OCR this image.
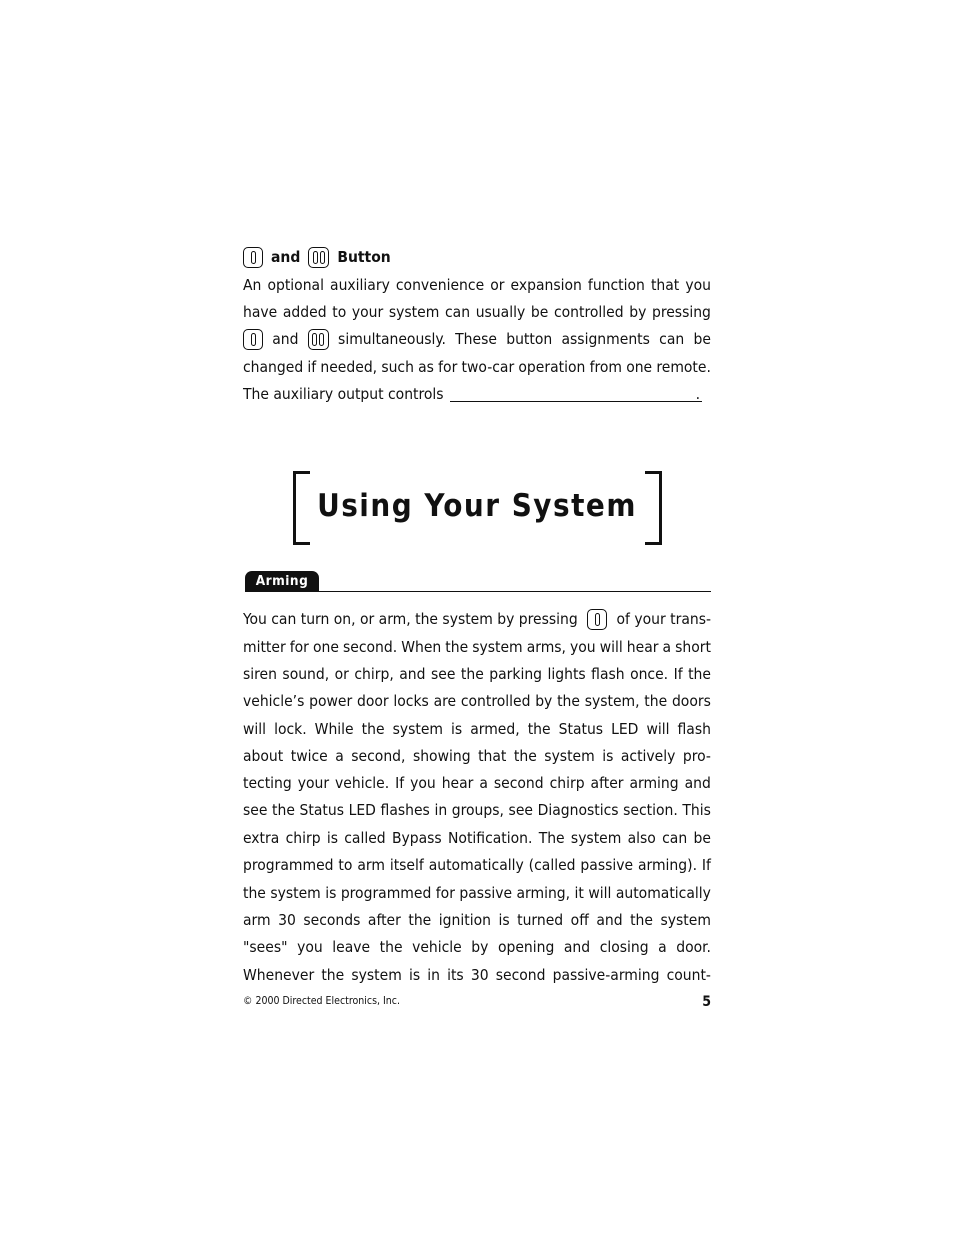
and Button
An optional auxiliary convenience or expansion function that you
have added to your system can usually be controlled by pressing
and	simultaneously. These button assignments can be
changed if needed, such as for two-car operation from one remote.
The auxiliary output controls	.
You can turn on, or arm, the system by pressing	of your trans-
mitter for one second. When the system arms, you will hear a short
siren sound, or chirp, and see the parking lights flash once. If the
vehicle’s power door locks are controlled by the system, the doors
will lock. While the system is armed, the Status LED will flash
about twice a second, showing that the system is actively pro-
tecting your vehicle. If you hear a second chirp after arming and
see the Status LED flashes in groups, see Diagnostics section. This
extra chirp is called Bypass Notification. The system also can be
programmed to arm itself automatically (called passive arming). If
the system is programmed for passive arming, it will automatically
arm 30 seconds after the ignition is turned off and the system
"sees" you leave the vehicle by opening and closing a door.
Whenever the system is in its 30 second passive-arming count-
Using Your System
Arming
© 2000 Directed Electronics, Inc.	5
